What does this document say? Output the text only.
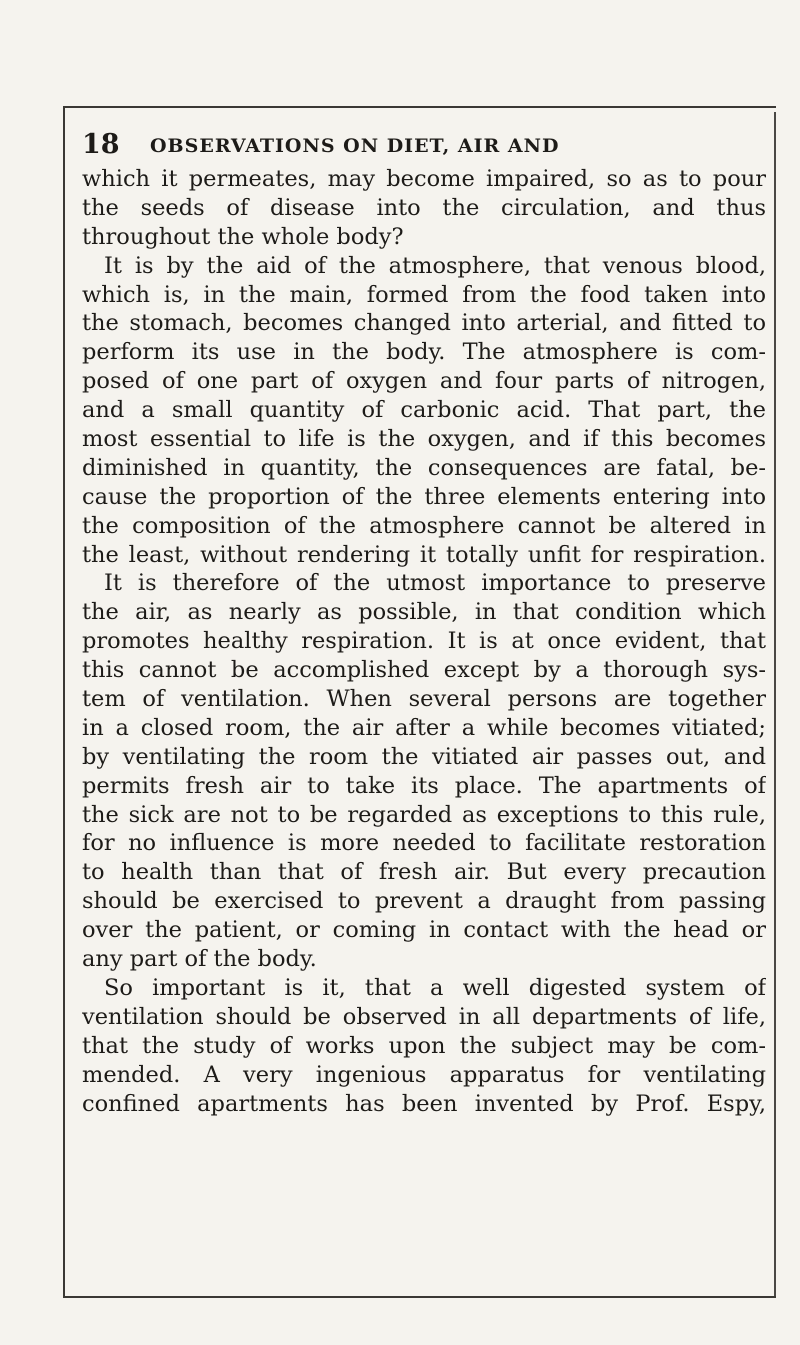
18 OBSERVATIONS ON DIET, AIR AND
which it permeates, may become impaired, so as to pour
the seeds of disease into the circulation, and thus
throughout the whole body?
It is by the aid of the atmosphere, that venous blood,
which is, in the main, formed from the food taken into
the stomach, becomes changed into arterial, and fitted to
perform its use in the body. The atmosphere is com-
posed of one part of oxygen and four parts of nitrogen,
and a small quantity of carbonic acid. That part, the
most essential to life is the oxygen, and if this becomes
diminished in quantity, the consequences are fatal, be-
cause the proportion of the three elements entering into
the composition of the atmosphere cannot be altered in
the least, without rendering it totally unfit for respiration.
It is therefore of the utmost importance to preserve
the air, as nearly as possible, in that condition which
promotes healthy respiration. It is at once evident, that
this cannot be accomplished except by a thorough sys-
tem of ventilation. When several persons are together
in a closed room, the air after a while becomes vitiated;
by ventilating the room the vitiated air passes out, and
permits fresh air to take its place. The apartments of
the sick are not to be regarded as exceptions to this rule,
for no influence is more needed to facilitate restoration
to health than that of fresh air. But every precaution
should be exercised to prevent a draught from passing
over the patient, or coming in contact with the head or
any part of the body.
So important is it, that a well digested system of
ventilation should be observed in all departments of life,
that the study of works upon the subject may be com-
mended. A very ingenious apparatus for ventilating
confined apartments has been invented by Prof. Espy,
